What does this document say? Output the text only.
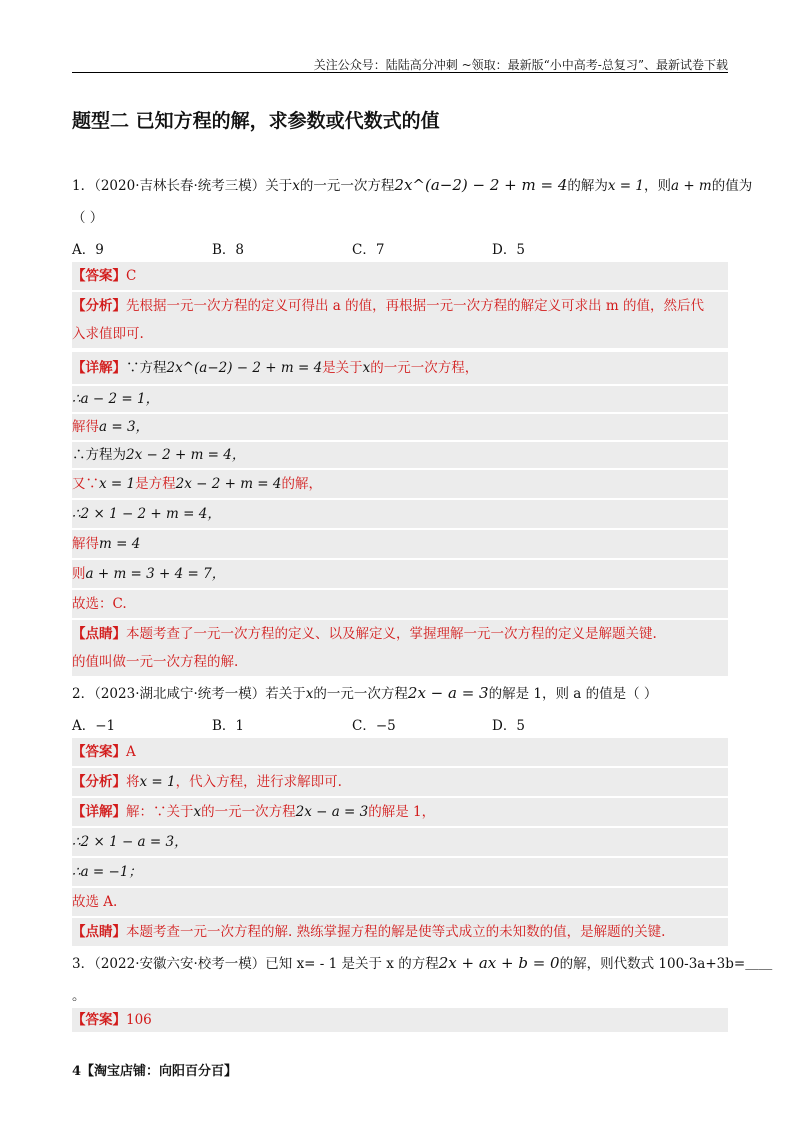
关注公众号：陆陆高分冲刺 ~领取：最新版“小中高考-总复习”、最新试卷下载
题型二 已知方程的解，求参数或代数式的值
1．（2020·吉林长春·统考三模）关于x的一元一次方程2x^(a−2) − 2 + m = 4的解为x = 1，则a + m的值为
（ ）
A．9	B．8	C．7	D．5
【答案】C
【分析】先根据一元一次方程的定义可得出 a 的值，再根据一元一次方程的解定义可求出 m 的值，然后代
入求值即可.
【详解】∵方程2x^(a−2) − 2 + m = 4是关于x的一元一次方程，
∴a − 2 = 1，
解得a = 3，
∴方程为2x − 2 + m = 4，
又∵x = 1是方程2x − 2 + m = 4的解，
∴2 × 1 − 2 + m = 4，
解得m = 4
则a + m = 3 + 4 = 7，
故选：C.
【点睛】本题考查了一元一次方程的定义、以及解定义，掌握理解一元一次方程的定义是解题关键.
的值叫做一元一次方程的解.
2．（2023·湖北咸宁·统考一模）若关于x的一元一次方程2x − a = 3的解是 1，则 a 的值是（ ）
A．−1	B．1	C．−5	D．5
【答案】A
【分析】将x = 1，代入方程，进行求解即可.
【详解】解：∵关于x的一元一次方程2x − a = 3的解是 1，
∴2 × 1 − a = 3，
∴a = −1；
故选 A.
【点睛】本题考查一元一次方程的解. 熟练掌握方程的解是使等式成立的未知数的值，是解题的关键.
3．（2022·安徽六安·校考一模）已知 x= - 1 是关于 x 的方程2x + ax + b = 0的解，则代数式 100-3a+3b=＿＿
。
【答案】106
4【淘宝店铺：向阳百分百】
